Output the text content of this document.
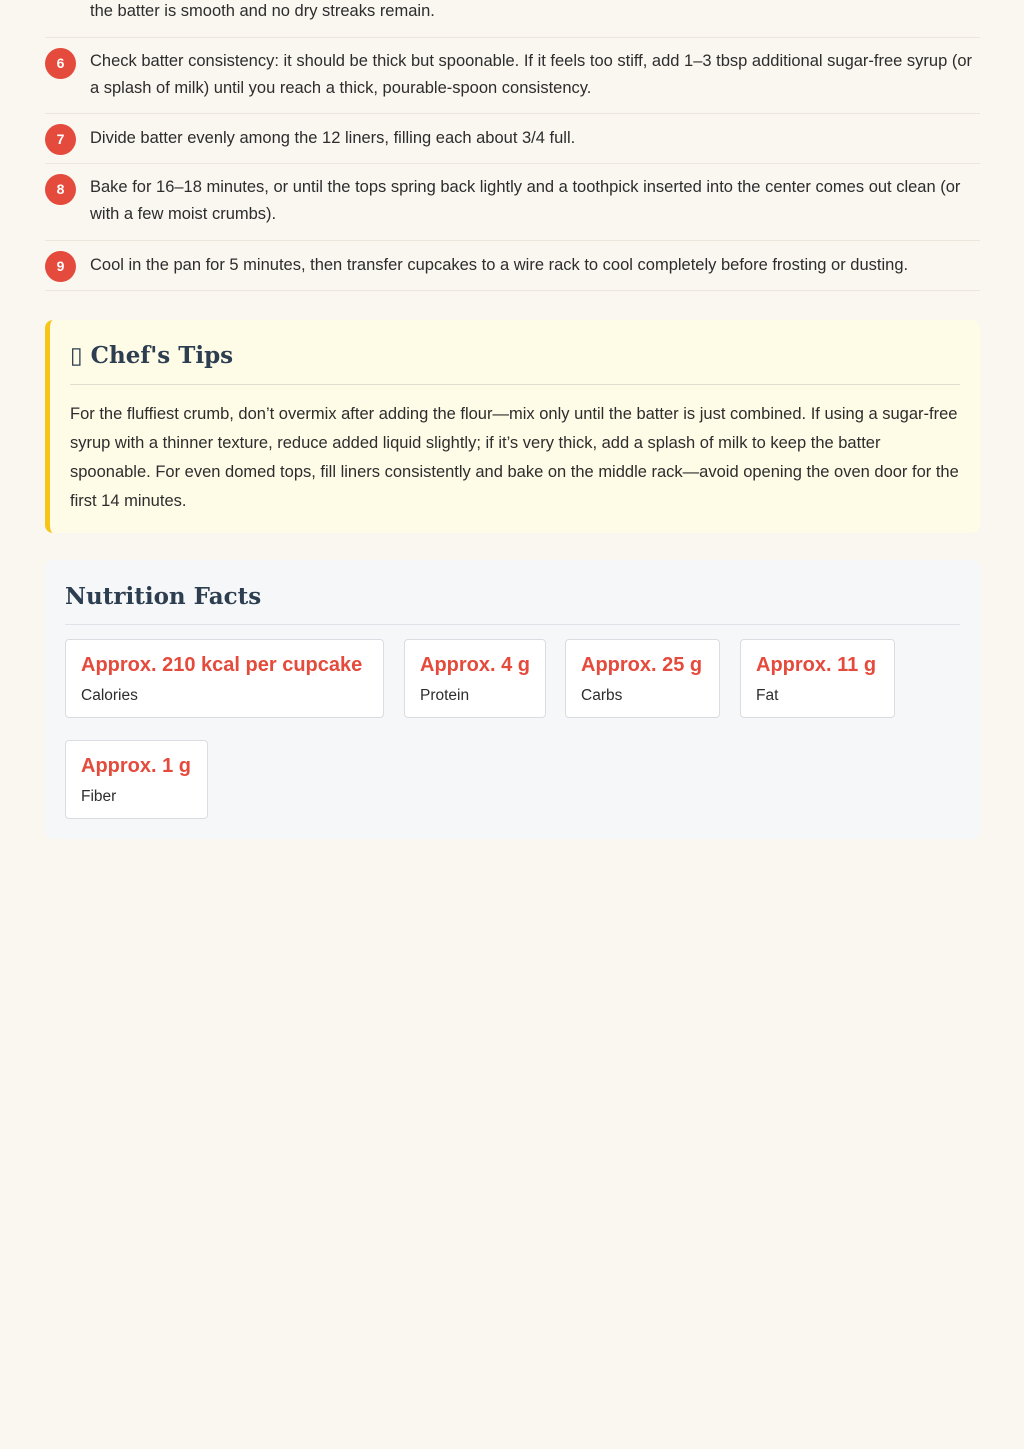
the batter is smooth and no dry streaks remain.
6	Check batter consistency: it should be thick but spoonable. If it feels too stiff, add 1–3 tbsp additional sugar-free syrup (or a splash of milk) until you reach a thick, pourable-spoon consistency.
7	Divide batter evenly among the 12 liners, filling each about 3/4 full.
8	Bake for 16–18 minutes, or until the tops spring back lightly and a toothpick inserted into the center comes out clean (or with a few moist crumbs).
9	Cool in the pan for 5 minutes, then transfer cupcakes to a wire rack to cool completely before frosting or dusting.
▯ Chef's Tips
For the fluffiest crumb, don’t overmix after adding the flour—mix only until the batter is just combined. If using a sugar-free syrup with a thinner texture, reduce added liquid slightly; if it’s very thick, add a splash of milk to keep the batter spoonable. For even domed tops, fill liners consistently and bake on the middle rack—avoid opening the oven door for the first 14 minutes.
Nutrition Facts
Approx. 210 kcal per cupcake
Calories
Approx. 4 g
Protein
Approx. 25 g
Carbs
Approx. 11 g
Fat
Approx. 1 g
Fiber
